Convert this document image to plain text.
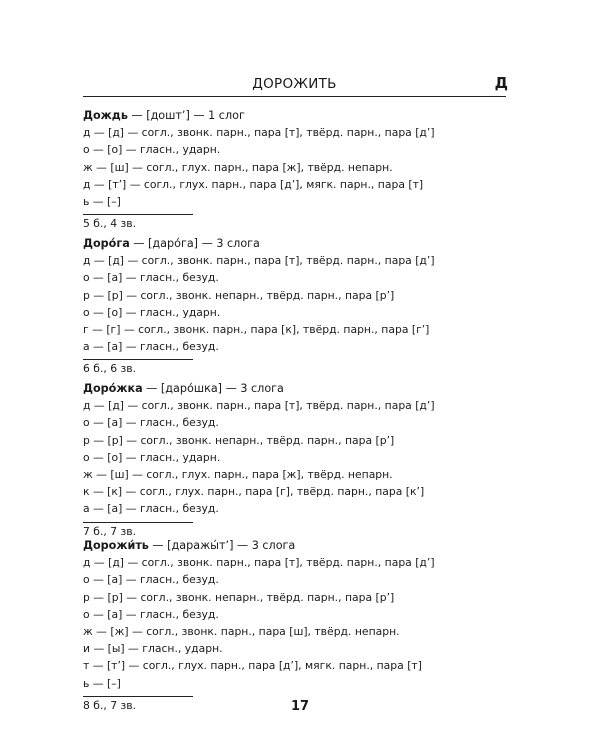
ДОРОЖИТЬ	Д
Дождь — [дошт’] — 1 слог
д — [д] — согл., звонк. парн., пара [т], твёрд. парн., пара [д’]
о — [о] — гласн., ударн.
ж — [ш] — согл., глух. парн., пара [ж], твёрд. непарн.
д — [т’] — согл., глух. парн., пара [д’], мягк. парн., пара [т]
ь — [–]
5 б., 4 зв.
Доро́га — [даро́га] — 3 слога
д — [д] — согл., звонк. парн., пара [т], твёрд. парн., пара [д’]
о — [а] — гласн., безуд.
р — [р] — согл., звонк. непарн., твёрд. парн., пара [р’]
о — [о] — гласн., ударн.
г — [г] — согл., звонк. парн., пара [к], твёрд. парн., пара [г’]
а — [а] — гласн., безуд.
6 б., 6 зв.
Доро́жка — [даро́шка] — 3 слога
д — [д] — согл., звонк. парн., пара [т], твёрд. парн., пара [д’]
о — [а] — гласн., безуд.
р — [р] — согл., звонк. непарн., твёрд. парн., пара [р’]
о — [о] — гласн., ударн.
ж — [ш] — согл., глух. парн., пара [ж], твёрд. непарн.
к — [к] — согл., глух. парн., пара [г], твёрд. парн., пара [к’]
а — [а] — гласн., безуд.
7 б., 7 зв.
Дорожи́ть — [даражы́т’] — 3 слога
д — [д] — согл., звонк. парн., пара [т], твёрд. парн., пара [д’]
о — [а] — гласн., безуд.
р — [р] — согл., звонк. непарн., твёрд. парн., пара [р’]
о — [а] — гласн., безуд.
ж — [ж] — согл., звонк. парн., пара [ш], твёрд. непарн.
и — [ы] — гласн., ударн.
т — [т’] — согл., глух. парн., пара [д’], мягк. парн., пара [т]
ь — [–]
8 б., 7 зв.	17
